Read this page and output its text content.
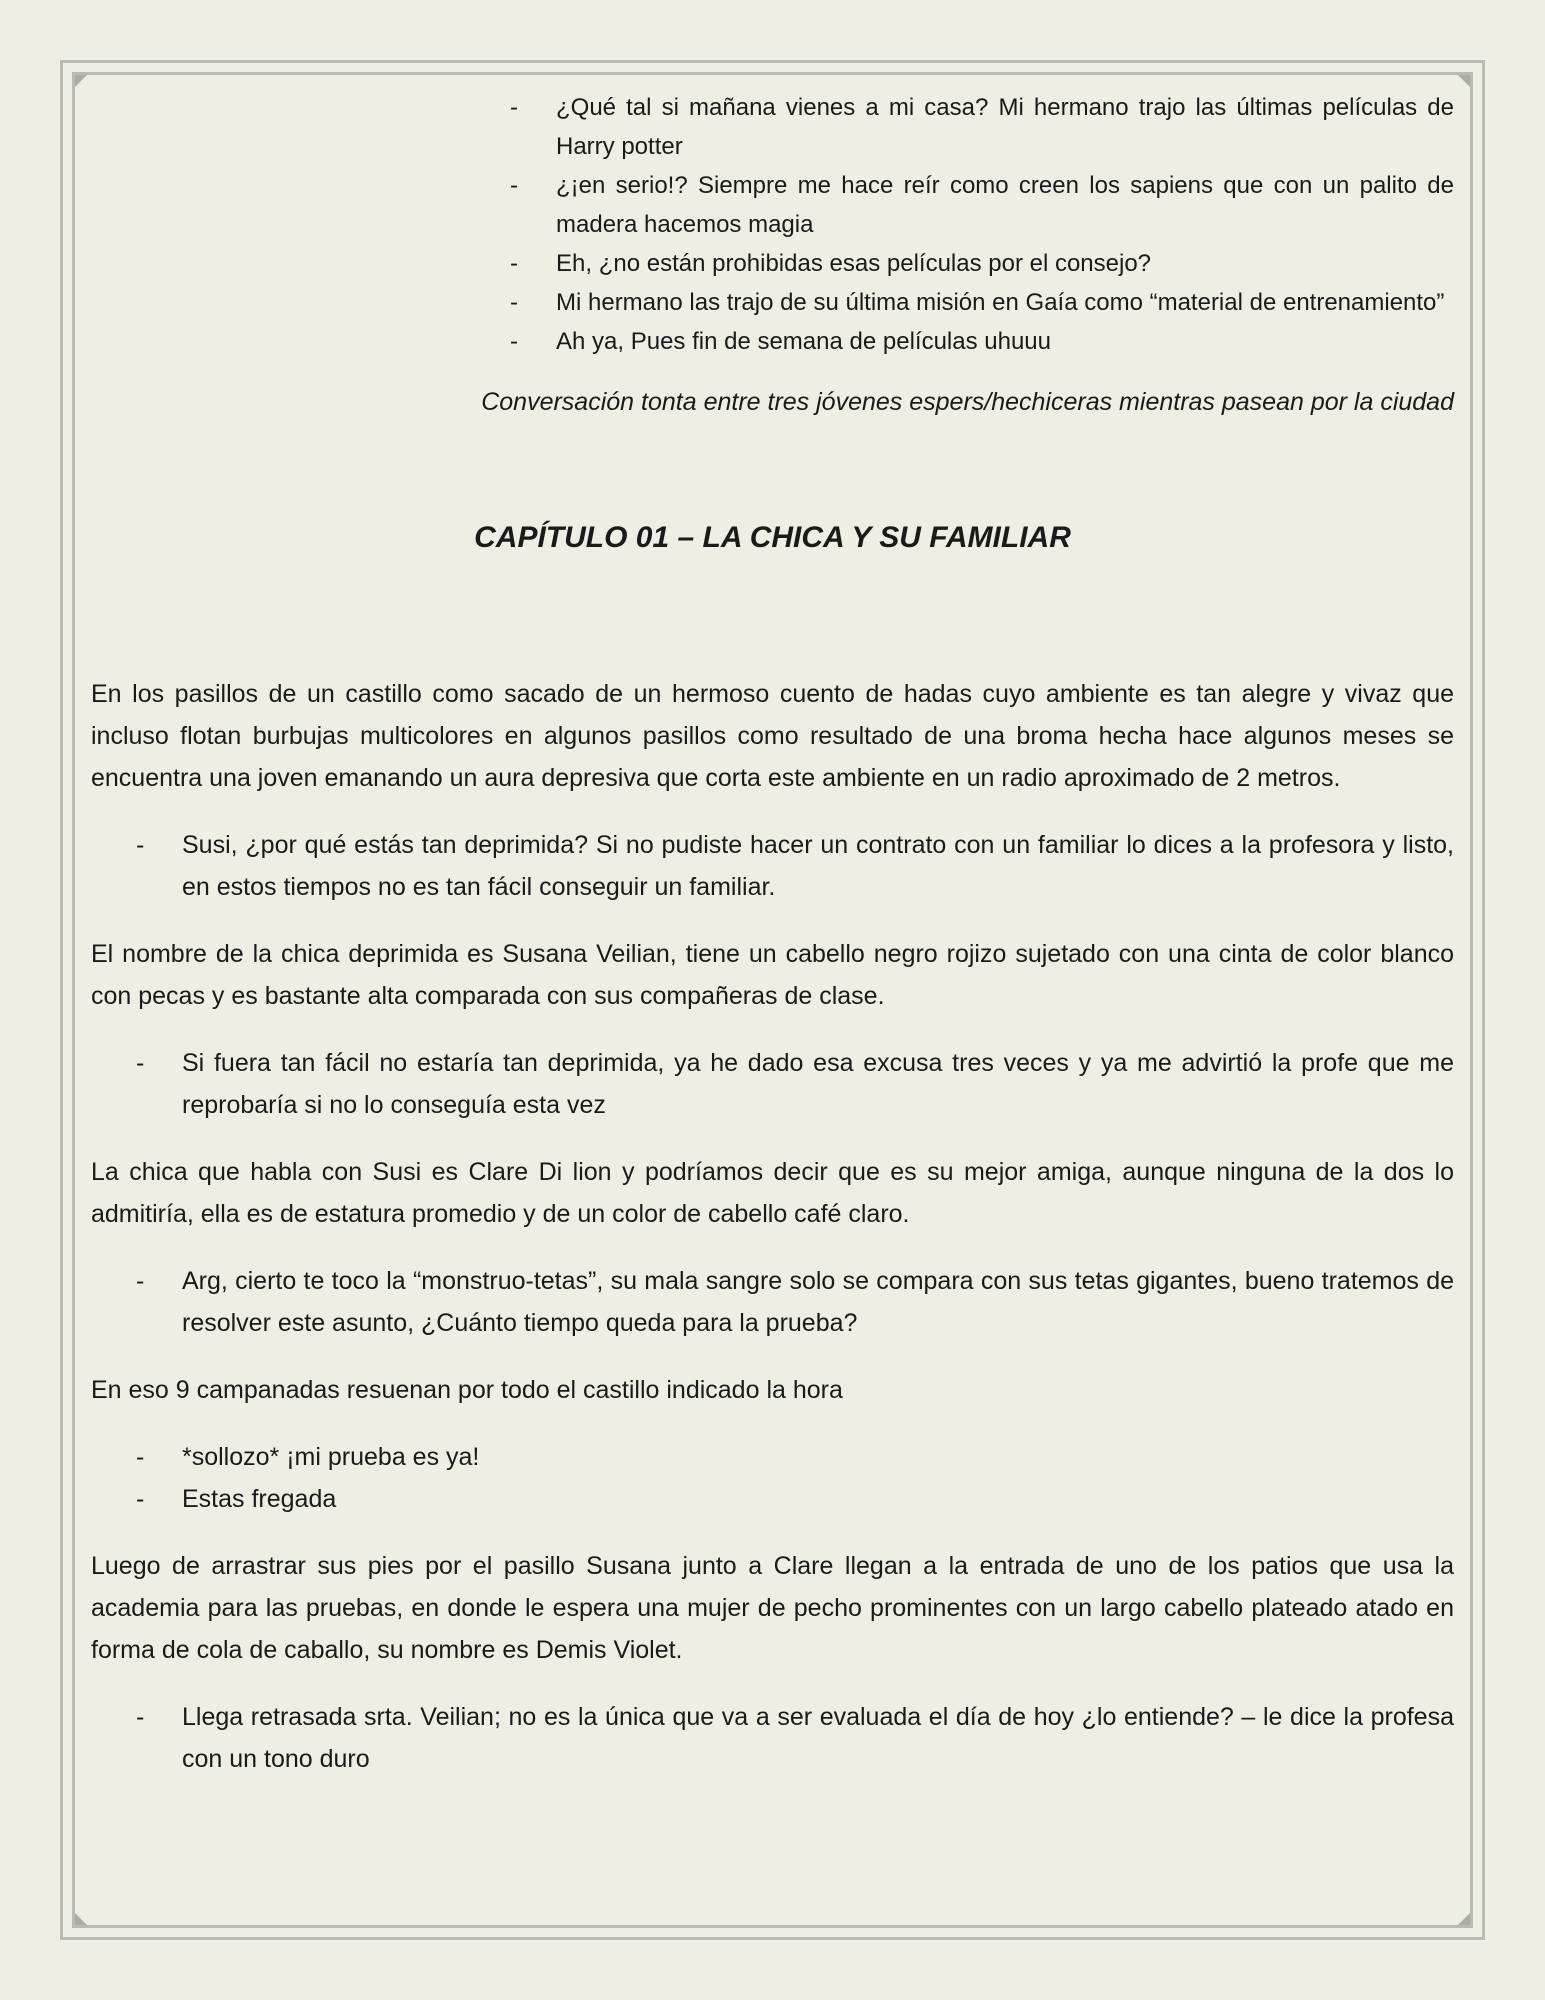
- ¿Qué tal si mañana vienes a mi casa? Mi hermano trajo las últimas películas de Harry potter
- ¿¡en serio!? Siempre me hace reír como creen los sapiens que con un palito de madera hacemos magia
- Eh, ¿no están prohibidas esas películas por el consejo?
- Mi hermano las trajo de su última misión en Gaía como “material de entrenamiento”
- Ah ya, Pues fin de semana de películas uhuuu
Conversación tonta entre tres jóvenes espers/hechiceras mientras pasean por la ciudad
CAPÍTULO 01 – LA CHICA Y SU FAMILIAR

En los pasillos de un castillo como sacado de un hermoso cuento de hadas cuyo ambiente es tan alegre y vivaz que incluso flotan burbujas multicolores en algunos pasillos como resultado de una broma hecha hace algunos meses se encuentra una joven emanando un aura depresiva que corta este ambiente en un radio aproximado de 2 metros.

- Susi, ¿por qué estás tan deprimida? Si no pudiste hacer un contrato con un familiar lo dices a la profesora y listo, en estos tiempos no es tan fácil conseguir un familiar.

El nombre de la chica deprimida es Susana Veilian, tiene un cabello negro rojizo sujetado con una cinta de color blanco con pecas y es bastante alta comparada con sus compañeras de clase.

- Si fuera tan fácil no estaría tan deprimida, ya he dado esa excusa tres veces y ya me advirtió la profe que me reprobaría si no lo conseguía esta vez

La chica que habla con Susi es Clare Di lion y podríamos decir que es su mejor amiga, aunque ninguna de la dos lo admitiría, ella es de estatura promedio y de un color de cabello café claro.

- Arg, cierto te toco la “monstruo-tetas”, su mala sangre solo se compara con sus tetas gigantes, bueno tratemos de resolver este asunto, ¿Cuánto tiempo queda para la prueba?

En eso 9 campanadas resuenan por todo el castillo indicado la hora

- *sollozo* ¡mi prueba es ya!
- Estas fregada

Luego de arrastrar sus pies por el pasillo Susana junto a Clare llegan a la entrada de uno de los patios que usa la academia para las pruebas, en donde le espera una mujer de pecho prominentes con un largo cabello plateado atado en forma de cola de caballo, su nombre es Demis Violet.

- Llega retrasada srta. Veilian; no es la única que va a ser evaluada el día de hoy ¿lo entiende? – le dice la profesa con un tono duro
